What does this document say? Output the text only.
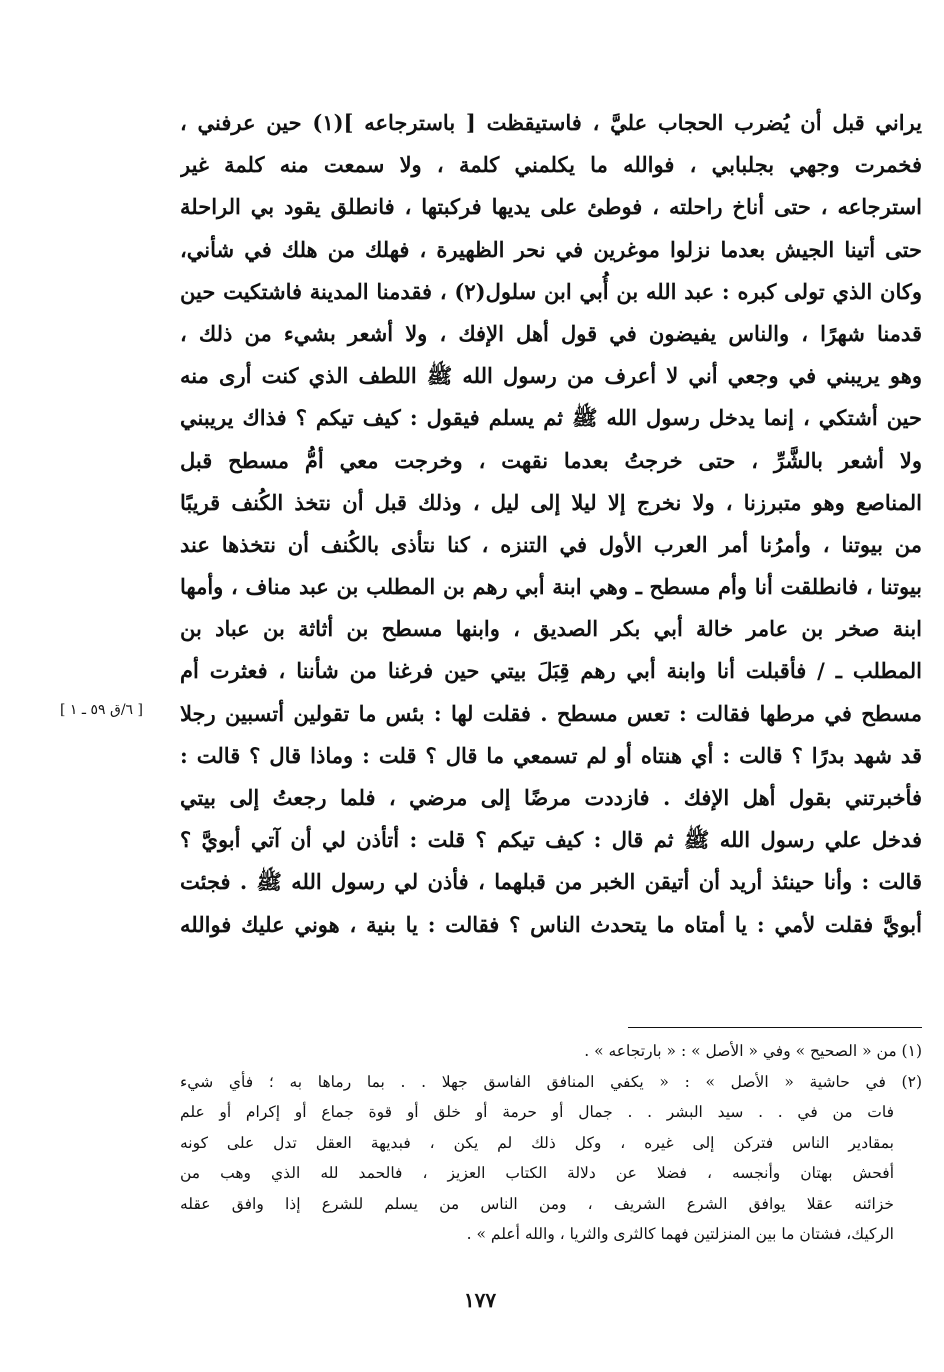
يراني قبل أن يُضرب الحجاب عليَّ ، فاستيقظت [ باسترجاعه ](١) حين عرفني ،
فخمرت وجهي بجلبابي ، فوالله ما يكلمني كلمة ، ولا سمعت منه كلمة غير
استرجاعه ، حتى أناخ راحلته ، فوطئ على يديها فركبتها ، فانطلق يقود بي الراحلة
حتى أتينا الجيش بعدما نزلوا موغرين في نحر الظهيرة ، فهلك من هلك في شأني،
وكان الذي تولى كبره : عبد الله بن أُبي ابن سلول(٢) ، فقدمنا المدينة فاشتكيت حين
قدمنا شهرًا ، والناس يفيضون في قول أهل الإفك ، ولا أشعر بشيء من ذلك ،
وهو يريبني في وجعي أني لا أعرف من رسول الله ﷺ اللطف الذي كنت أرى منه
حين أشتكي ، إنما يدخل رسول الله ﷺ ثم يسلم فيقول : كيف تيكم ؟ فذاك يريبني
ولا أشعر بالشَّرِّ ، حتى خرجتُ بعدما نقهت ، وخرجت معي أمُّ مسطح قبل
المناصع وهو متبرزنا ، ولا نخرج إلا ليلا إلى ليل ، وذلك قبل أن نتخذ الكُنف قريبًا
من بيوتنا ، وأمرُنا أمر العرب الأول في التنزه ، كنا نتأذى بالكُنف أن نتخذها عند
بيوتنا ، فانطلقت أنا وأم مسطح ـ وهي ابنة أبي رهم بن المطلب بن عبد مناف ، وأمها
ابنة صخر بن عامر خالة أبي بكر الصديق ، وابنها مسطح بن أثاثة بن عباد بن
المطلب ـ / فأقبلت أنا وابنة أبي رهم قِبَلَ بيتي حين فرغنا من شأننا ، فعثرت أم
مسطح في مرطها فقالت : تعس مسطح . فقلت لها : بئس ما تقولين أتسبين رجلا
قد شهد بدرًا ؟ قالت : أي هنتاه أو لم تسمعي ما قال ؟ قلت : وماذا قال ؟ قالت :
فأخبرتني بقول أهل الإفك . فازددت مرضًا إلى مرضي ، فلما رجعتُ إلى بيتي
فدخل علي رسول الله ﷺ ثم قال : كيف تيكم ؟ قلت : أتأذن لي أن آتي أبويَّ ؟
قالت : وأنا حينئذ أريد أن أتيقن الخبر من قبلهما ، فأذن لي رسول الله ﷺ . فجئت
أبويَّ فقلت لأمي : يا أمتاه ما يتحدث الناس ؟ فقالت : يا بنية ، هوني عليك فوالله
[ ٦/ق ٥٩ ـ ١ ]
(١) من « الصحيح » وفي « الأصل » : « بارتجاعه » .
(٢) في حاشية « الأصل » : « يكفي المنافق الفاسق جهلا . . بما رماها به ؛ فأي شيء
فات من في . . سيد البشر . . جمال أو حرمة أو خلق أو قوة جماع أو إكرام أو علم
بمقادير الناس فتركن إلى غيره ، وكل ذلك لم يكن ، فبديهة العقل تدل على كونه
أفحش بهتان وأنجسه ، فضلا عن دلالة الكتاب العزيز ، فالحمد لله الذي وهب من
خزائنه عقلا يوافق الشرع الشريف ، ومن الناس من يسلم للشرع إذا وافق عقله
الركيك، فشتان ما بين المنزلتين فهما كالثرى والثريا ، والله أعلم » .
١٧٧
